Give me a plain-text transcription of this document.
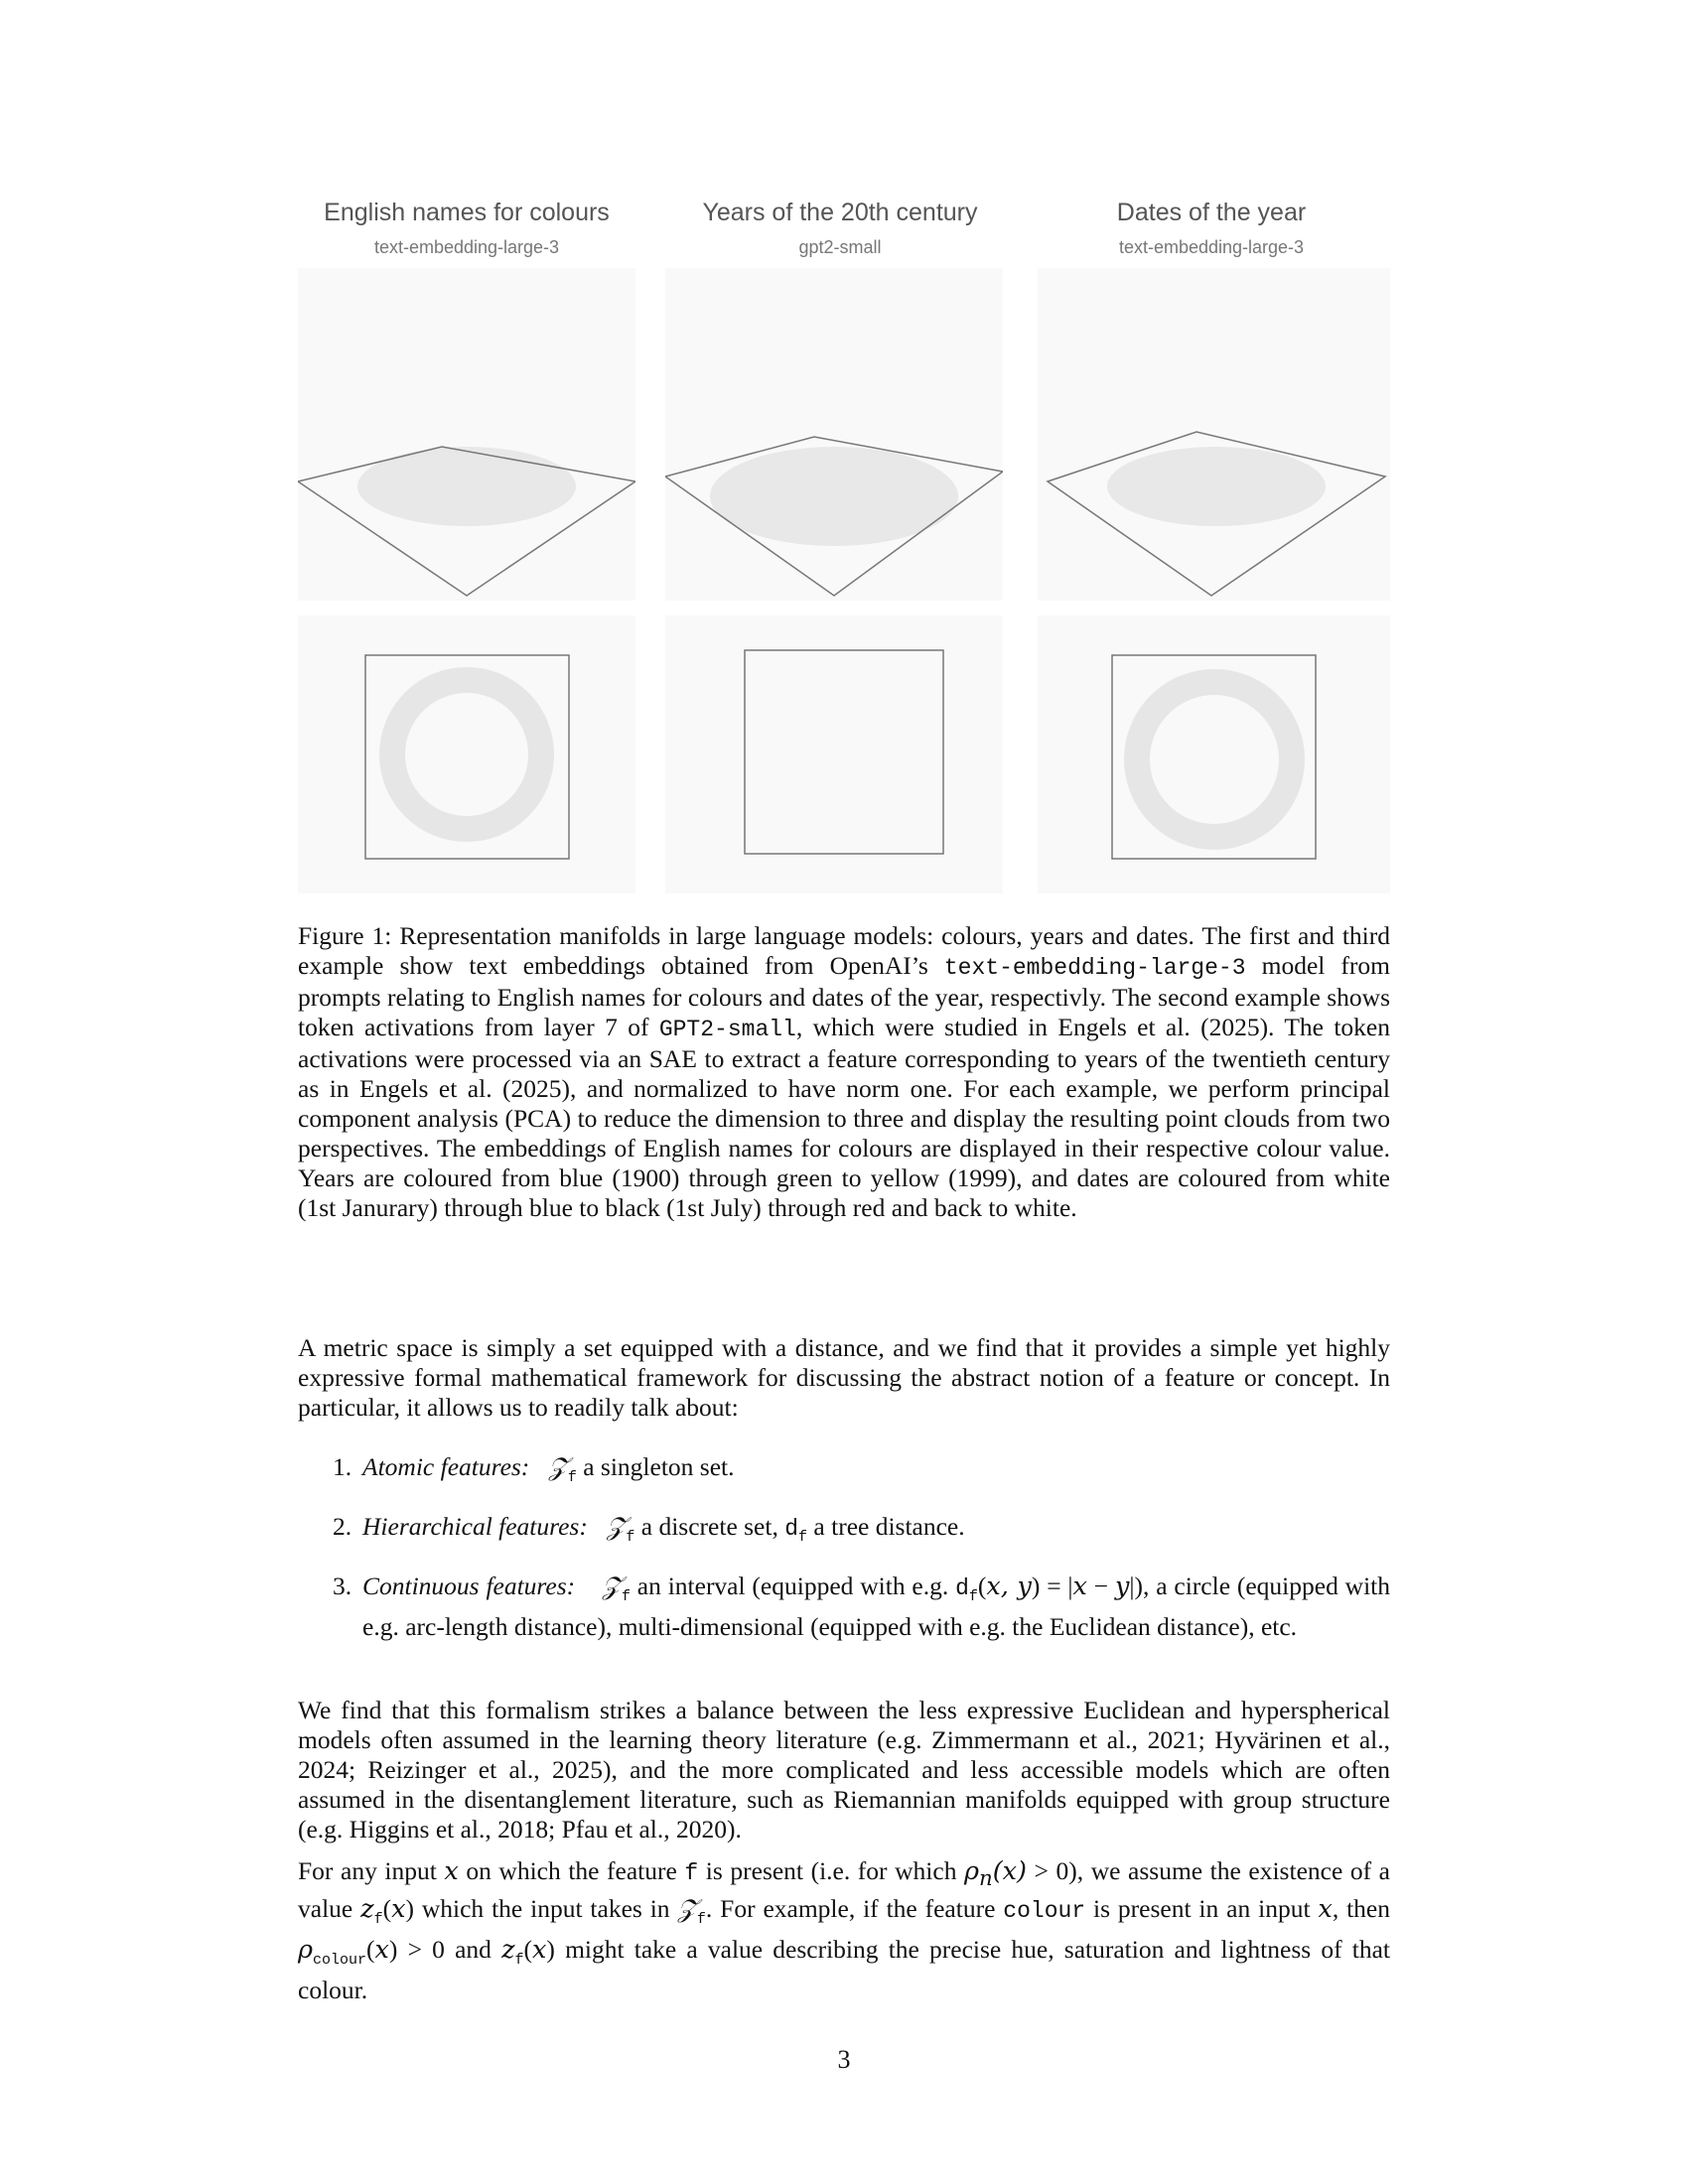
English names for colours
text-embedding-large-3
Years of the 20th century
gpt2-small
Dates of the year
text-embedding-large-3
Figure 1: Representation manifolds in large language models: colours, years and dates. The first and third example show text embeddings obtained from OpenAI’s text-embedding-large-3 model from prompts relating to English names for colours and dates of the year, respectivly. The second example shows token activations from layer 7 of GPT2-small, which were studied in Engels et al. (2025). The token activations were processed via an SAE to extract a feature corresponding to years of the twentieth century as in Engels et al. (2025), and normalized to have norm one. For each example, we perform principal component analysis (PCA) to reduce the dimension to three and display the resulting point clouds from two perspectives. The embeddings of English names for colours are displayed in their respective colour value. Years are coloured from blue (1900) through green to yellow (1999), and dates are coloured from white (1st Janurary) through blue to black (1st July) through red and back to white.
A metric space is simply a set equipped with a distance, and we find that it provides a simple yet highly expressive formal mathematical framework for discussing the abstract notion of a feature or concept. In particular, it allows us to readily talk about:
1. Atomic features: 𝒵$_f$ a singleton set.
2. Hierarchical features: 𝒵$_f$ a discrete set, $d_f$ a tree distance.
3. Continuous features: 𝒵$_f$ an interval (equipped with e.g. $d_f(x$, y) = |x − y|), a circle (equipped with e.g. arc-length distance), multi-dimensional (equipped with e.g. the Euclidean distance), etc.
We find that this formalism strikes a balance between the less expressive Euclidean and hyperspherical models often assumed in the learning theory literature (e.g. Zimmermann et al., 2021; Hyvärinen et al., 2024; Reizinger et al., 2025), and the more complicated and less accessible models which are often assumed in the disentanglement literature, such as Riemannian manifolds equipped with group structure (e.g. Higgins et al., 2018; Pfau et al., 2020).
For any input x on which the feature f is present (i.e. for which $\rho_n(x) > 0$), we assume the existence of a value $z_f(x)$ which the input takes in 𝒵$_f$. For example, if the feature colour is present in an input x, then $\rho_{colour}(x) > 0$ and $z_f(x)$ might take a value describing the precise hue, saturation and lightness of that colour.
3
